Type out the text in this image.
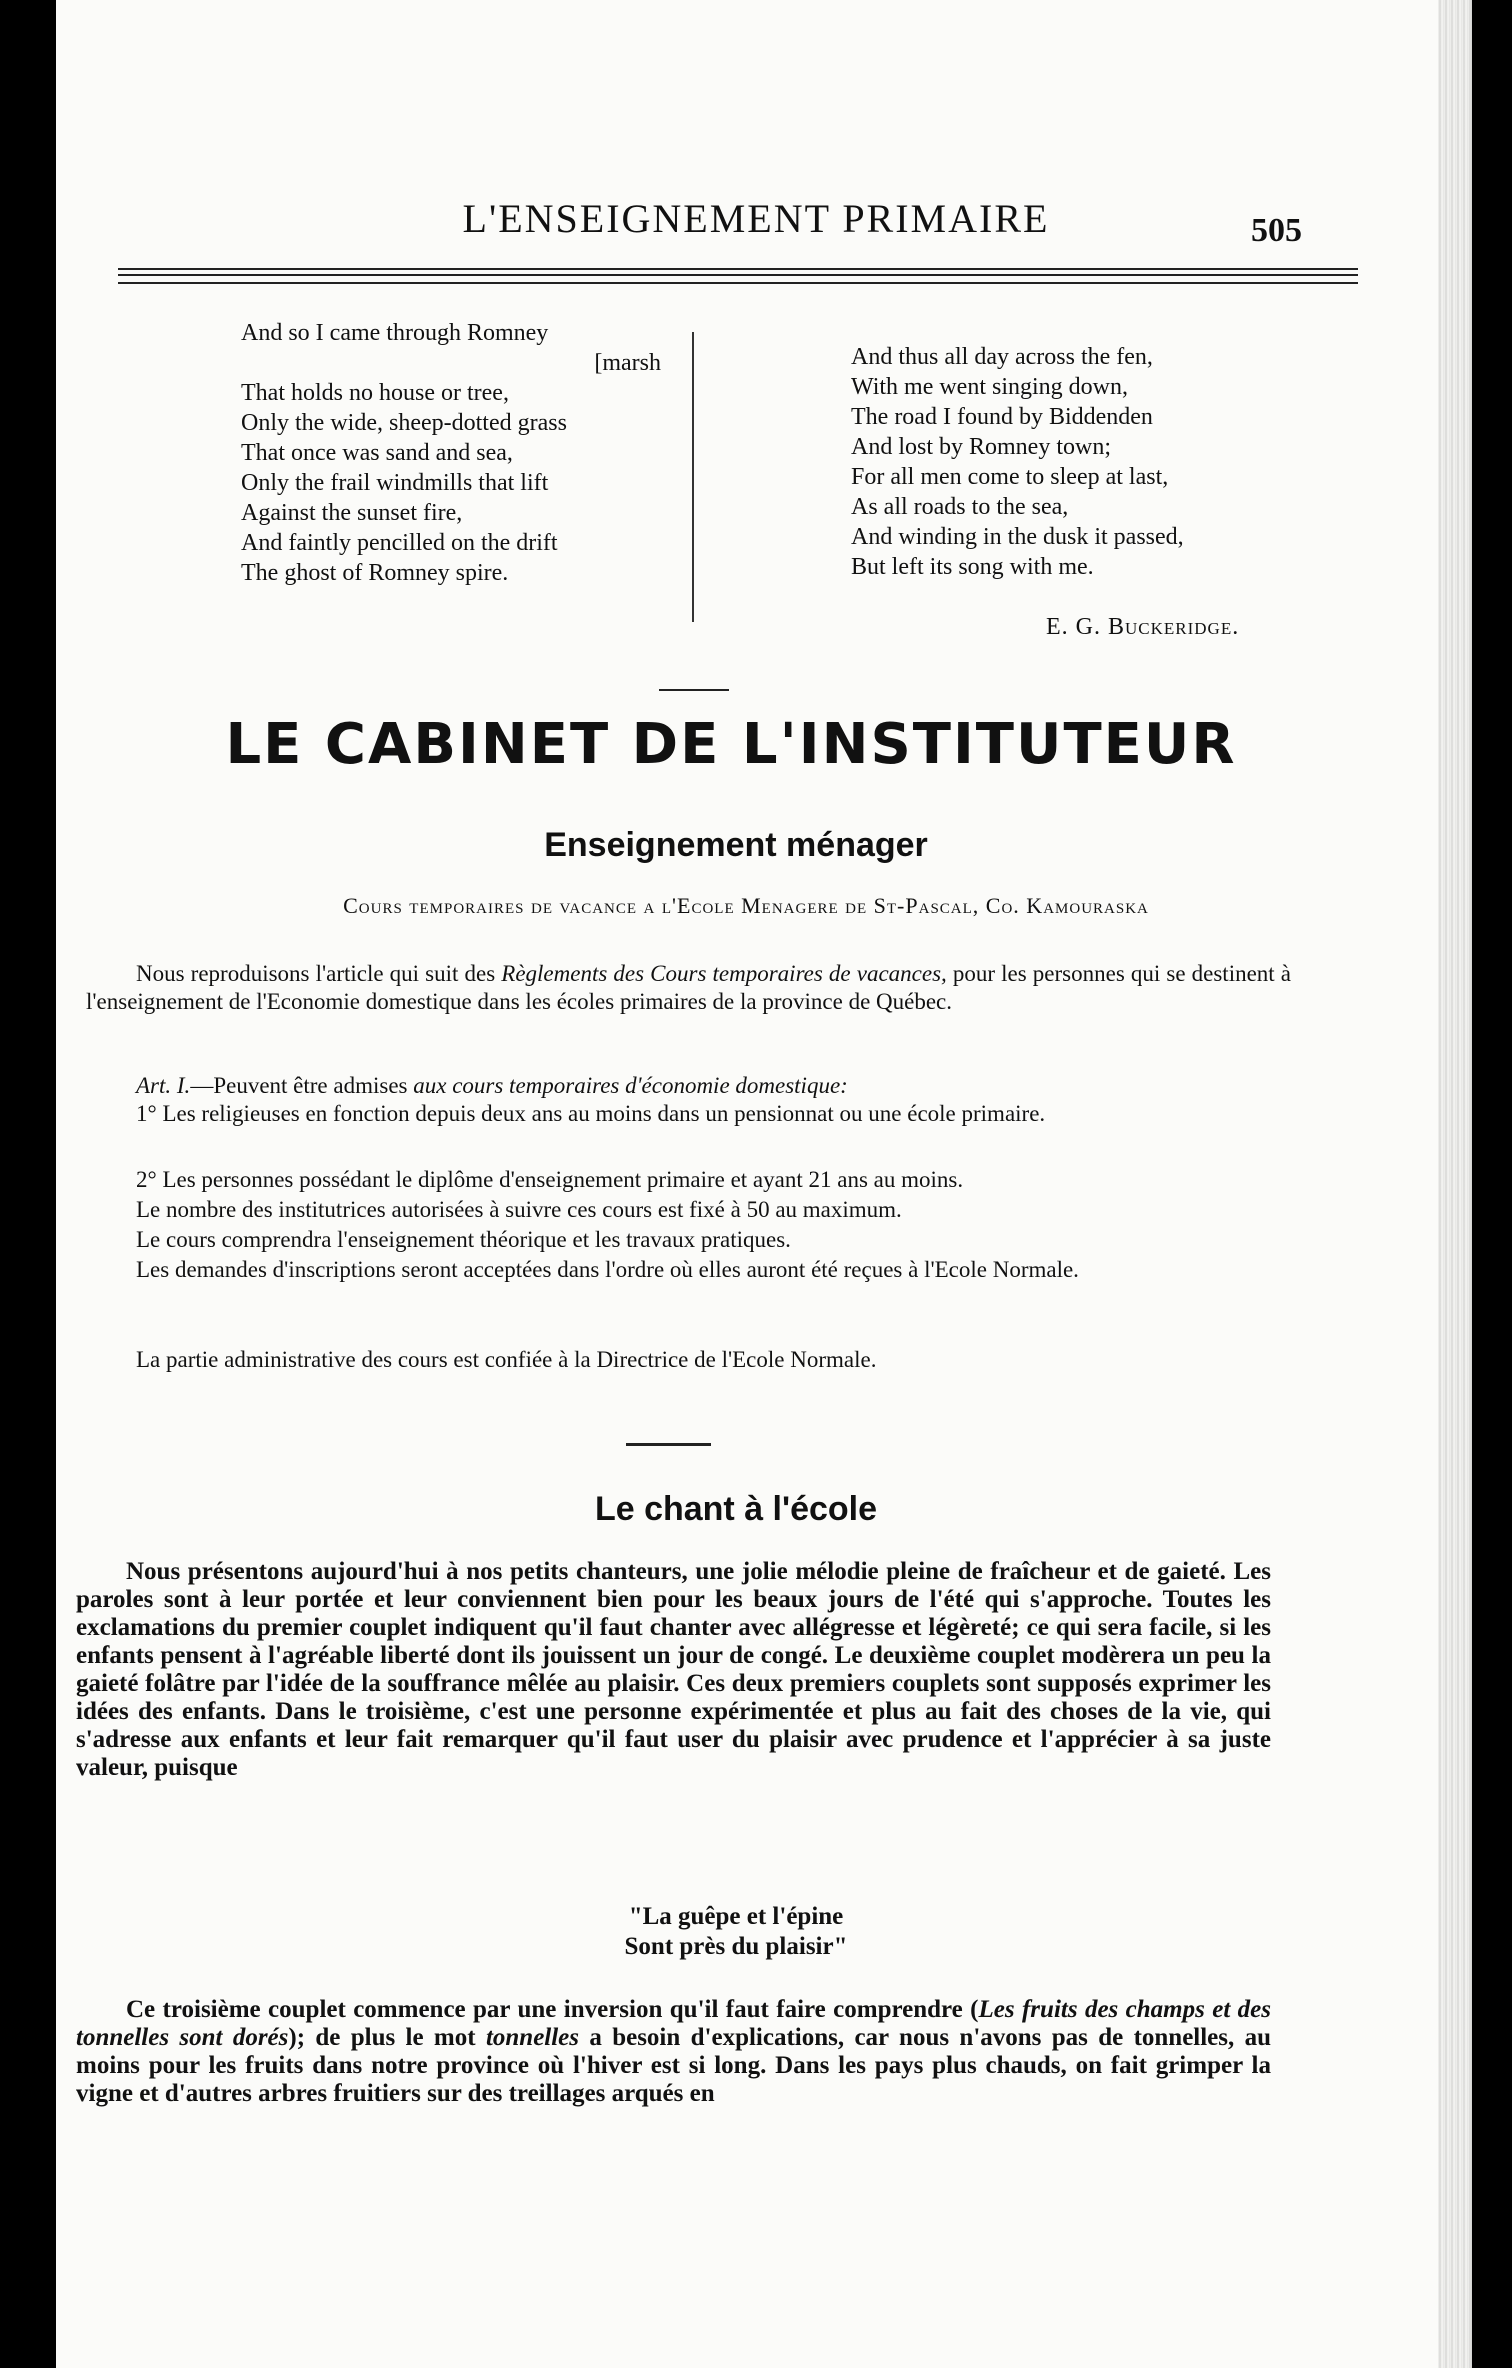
L'ENSEIGNEMENT PRIMAIRE	505
And so I came through Romney
[marsh
That holds no house or tree,
Only the wide, sheep-dotted grass
That once was sand and sea,
Only the frail windmills that lift
Against the sunset fire,
And faintly pencilled on the drift
The ghost of Romney spire.
And thus all day across the fen,
With me went singing down,
The road I found by Biddenden
And lost by Romney town;
For all men come to sleep at last,
As all roads to the sea,
And winding in the dusk it passed,
But left its song with me.
E. G. Buckeridge.
LE CABINET DE L'INSTITUTEUR
Enseignement ménager
Cours temporaires de vacance a l'Ecole Menagere de St-Pascal, Co. Kamouraska
Nous reproduisons l'article qui suit des Règlements des Cours temporaires de vacances, pour les personnes qui se destinent à l'enseignement de l'Economie domestique dans les écoles primaires de la province de Québec.
Art. I.—Peuvent être admises aux cours temporaires d'économie domestique:
1° Les religieuses en fonction depuis deux ans au moins dans un pensionnat ou une école primaire.
2° Les personnes possédant le diplôme d'enseignement primaire et ayant 21 ans au moins.
Le nombre des institutrices autorisées à suivre ces cours est fixé à 50 au maximum.
Le cours comprendra l'enseignement théorique et les travaux pratiques.
Les demandes d'inscriptions seront acceptées dans l'ordre où elles auront été reçues à l'Ecole Normale.
La partie administrative des cours est confiée à la Directrice de l'Ecole Normale.
Le chant à l'école
Nous présentons aujourd'hui à nos petits chanteurs, une jolie mélodie pleine de fraîcheur et de gaieté. Les paroles sont à leur portée et leur conviennent bien pour les beaux jours de l'été qui s'approche. Toutes les exclamations du premier couplet indiquent qu'il faut chanter avec allégresse et légèreté; ce qui sera facile, si les enfants pensent à l'agréable liberté dont ils jouissent un jour de congé. Le deuxième couplet modèrera un peu la gaieté folâtre par l'idée de la souffrance mêlée au plaisir. Ces deux premiers couplets sont supposés exprimer les idées des enfants. Dans le troisième, c'est une personne expérimentée et plus au fait des choses de la vie, qui s'adresse aux enfants et leur fait remarquer qu'il faut user du plaisir avec prudence et l'apprécier à sa juste valeur, puisque
"La guêpe et l'épine
Sont près du plaisir"
Ce troisième couplet commence par une inversion qu'il faut faire comprendre (Les fruits des champs et des tonnelles sont dorés); de plus le mot tonnelles a besoin d'explications, car nous n'avons pas de tonnelles, au moins pour les fruits dans notre province où l'hiver est si long. Dans les pays plus chauds, on fait grimper la vigne et d'autres arbres fruitiers sur des treillages arqués en
